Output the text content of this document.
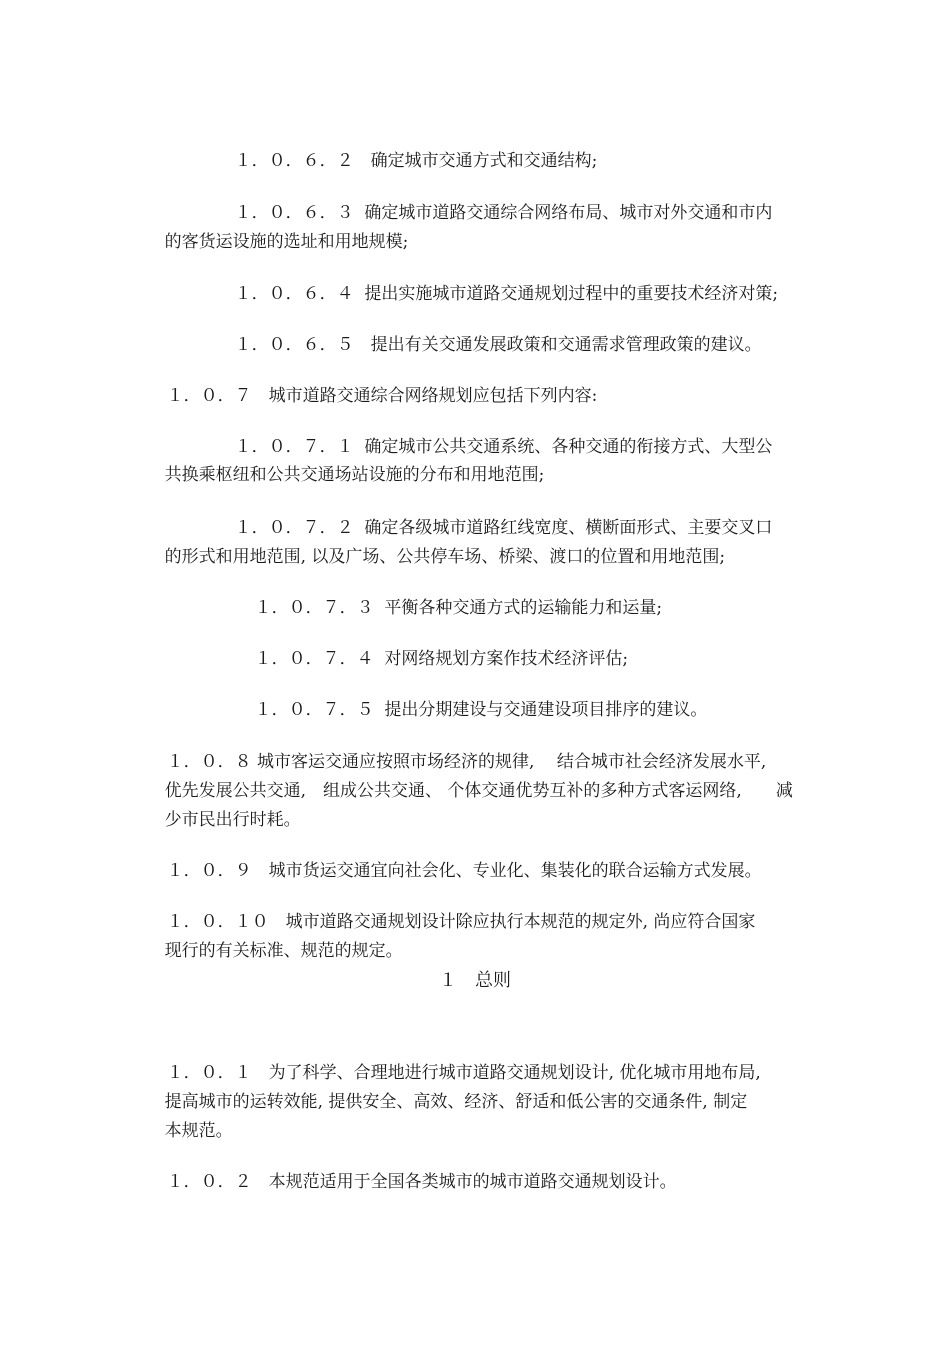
１．０．６．２　确定城市交通方式和交通结构;

１．０．６．３  确定城市道路交通综合网络布局、城市对外交通和市内

的客货运设施的选址和用地规模;

１．０．６．４  提出实施城市道路交通规划过程中的重要技术经济对策;

１．０．６．５　提出有关交通发展政策和交通需求管理政策的建议。

１．０．７　城市道路交通综合网络规划应包括下列内容:

１．０．７．１  确定城市公共交通系统、各种交通的衔接方式、大型公

共换乘枢纽和公共交通场站设施的分布和用地范围;

１．０．７．２  确定各级城市道路红线宽度、横断面形式、主要交叉口

的形式和用地范围, 以及广场、公共停车场、桥梁、渡口的位置和用地范围;

１．０．７．３  平衡各种交通方式的运输能力和运量;

１．０．７．４  对网络规划方案作技术经济评估;

１．０．７．５  提出分期建设与交通建设项目排序的建议。

１．０．８ 城市客运交通应按照市场经济的规律,　 结合城市社会经济发展水平,

优先发展公共交通,　组成公共交通、 个体交通优势互补的多种方式客运网络,　　减

少市民出行时耗。

１．０．９　城市货运交通宜向社会化、专业化、集装化的联合运输方式发展。

１．０．１０　城市道路交通规划设计除应执行本规范的规定外, 尚应符合国家

现行的有关标准、规范的规定。

１　总则

１．０．１　为了科学、合理地进行城市道路交通规划设计, 优化城市用地布局,

提高城市的运转效能, 提供安全、高效、经济、舒适和低公害的交通条件, 制定

本规范。

１．０．２　本规范适用于全国各类城市的城市道路交通规划设计。
